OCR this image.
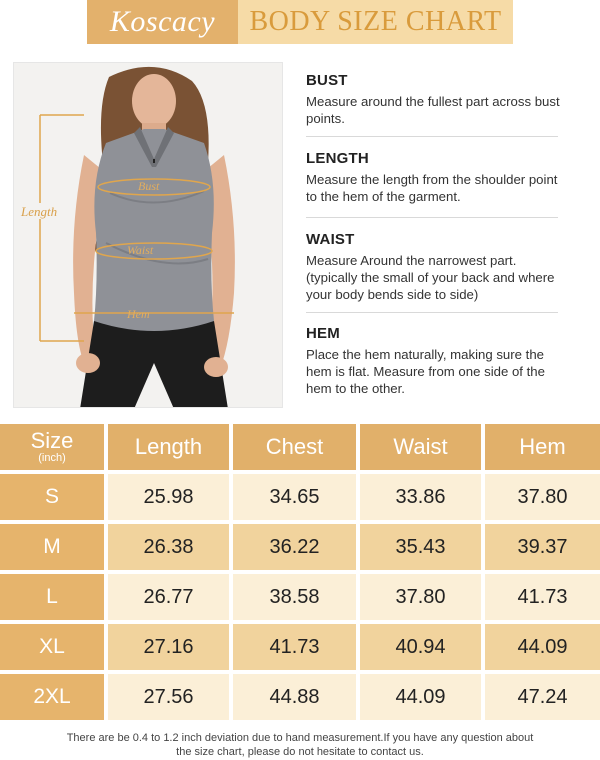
Koscacy	BODY SIZE CHART
Length
Bust
Waist
Hem
BUST

Measure around the fullest part across bust points.

LENGTH

Measure the length from the shoulder point to the hem of the garment.

WAIST

Measure Around the narrowest part. (typically the small of your back and where your body bends side to side)

HEM

Place the hem naturally, making sure the hem is flat. Measure from one side of the hem to the other.

Size
(inch)	Length	Chest	Waist	Hem
S	25.98	34.65	33.86	37.80
M	26.38	36.22	35.43	39.37
L	26.77	38.58	37.80	41.73
XL	27.16	41.73	40.94	44.09
2XL	27.56	44.88	44.09	47.24
There are be 0.4 to 1.2 inch deviation due to hand measurement.If you have any question about
the size chart, please do not hesitate to contact us.
